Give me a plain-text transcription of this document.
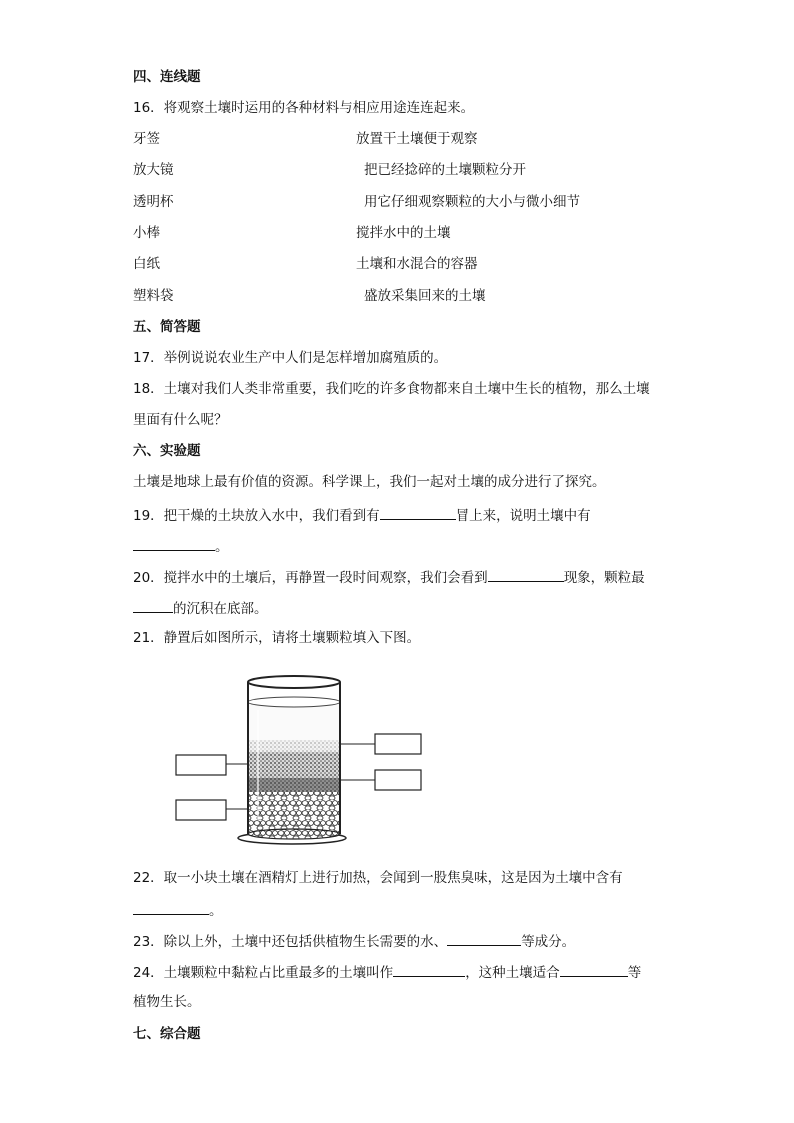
四、连线题
16．将观察土壤时运用的各种材料与相应用途连连起来。
牙签	放置干土壤便于观察
放大镜	把已经捻碎的土壤颗粒分开
透明杯	用它仔细观察颗粒的大小与微小细节
小棒	搅拌水中的土壤
白纸	土壤和水混合的容器
塑料袋	盛放采集回来的土壤
五、简答题
17．举例说说农业生产中人们是怎样增加腐殖质的。
18．土壤对我们人类非常重要，我们吃的许多食物都来自土壤中生长的植物，那么土壤
里面有什么呢？
六、实验题
土壤是地球上最有价值的资源。科学课上，我们一起对土壤的成分进行了探究。
19．把干燥的土块放入水中，我们看到有	冒上来，说明土壤中有
。
20．搅拌水中的土壤后，再静置一段时间观察，我们会看到	现象，颗粒最
的沉积在底部。
21．静置后如图所示，请将土壤颗粒填入下图。
22．取一小块土壤在酒精灯上进行加热，会闻到一股焦臭味，这是因为土壤中含有
。
23．除以上外，土壤中还包括供植物生长需要的水、	等成分。
24．土壤颗粒中黏粒占比重最多的土壤叫作	，这种土壤适合	等
植物生长。
七、综合题
